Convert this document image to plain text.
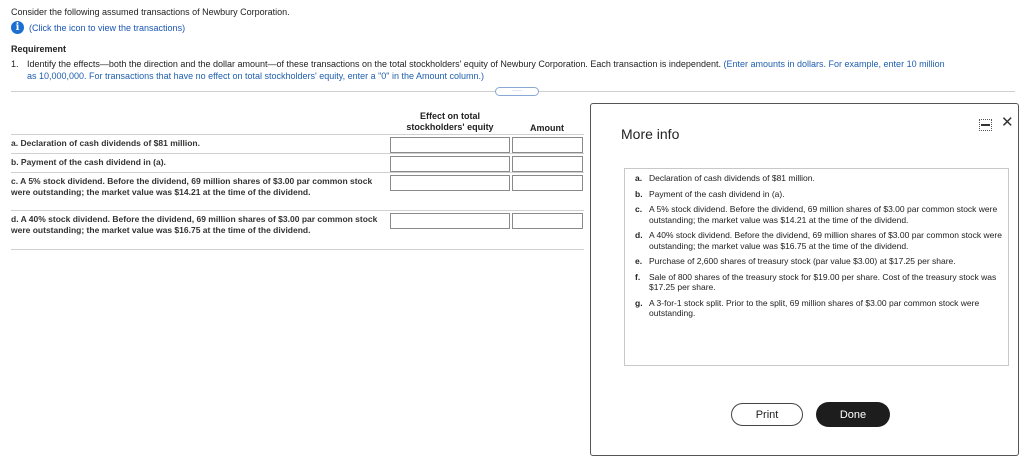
Consider the following assumed transactions of Newbury Corporation.
i	(Click the icon to view the transactions)
Requirement
1. Identify the effects—both the direction and the dollar amount—of these transactions on the total stockholders' equity of Newbury Corporation. Each transaction is independent. (Enter amounts in dollars. For example, enter 10 million
as 10,000,000. For transactions that have no effect on total stockholders' equity, enter a "0" in the Amount column.)
·····
Effect on total stockholders' equity	Amount
a. Declaration of cash dividends of $81 million.
b. Payment of the cash dividend in (a).
c. A 5% stock dividend. Before the dividend, 69 million shares of $3.00 par common stock were outstanding; the market value was $14.21 at the time of the dividend.
d. A 40% stock dividend. Before the dividend, 69 million shares of $3.00 par common stock were outstanding; the market value was $16.75 at the time of the dividend.
More info
✕
a. Declaration of cash dividends of $81 million.
b. Payment of the cash dividend in (a).
c. A 5% stock dividend. Before the dividend, 69 million shares of $3.00 par common stock were outstanding; the market value was $14.21 at the time of the dividend.
d. A 40% stock dividend. Before the dividend, 69 million shares of $3.00 par common stock were outstanding; the market value was $16.75 at the time of the dividend.
e. Purchase of 2,600 shares of treasury stock (par value $3.00) at $17.25 per share.
f.	Sale of 800 shares of the treasury stock for $19.00 per share. Cost of the treasury stock was $17.25 per share.
g. A 3-for-1 stock split. Prior to the split, 69 million shares of $3.00 par common stock were outstanding.
Print	Done
